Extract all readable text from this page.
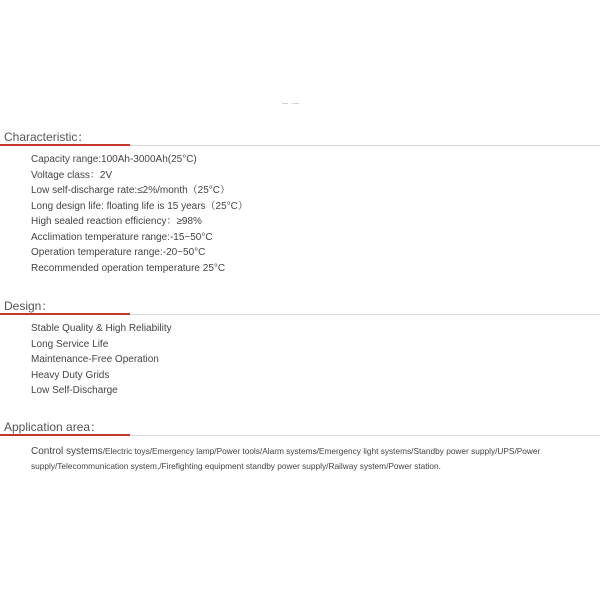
— ·—
Characteristic：
Capacity range:100Ah-3000Ah(25°C)
Voltage class：2V
Low self-discharge rate:≤2%/month（25°C）
Long design life: floating life is 15 years（25°C）
High sealed reaction efficiency：≥98%
Acclimation temperature range:-15~50°C
Operation temperature range:-20~50°C
Recommended operation temperature 25°C
Design：
Stable Quality & High Reliability
Long Service Life
Maintenance-Free Operation
Heavy Duty Grids
Low Self-Discharge
Application area：
Control systems/Electric toys/Emergency lamp/Power tools/Alarm systems/Emergency light systems/Standby power supply/UPS/Power supply/Telecommunication system,/Firefighting equipment standby power supply/Railway system/Power station.
